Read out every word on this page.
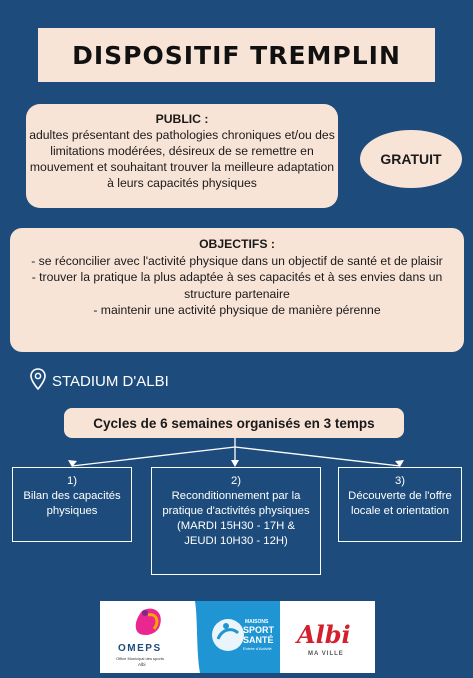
DISPOSITIF TREMPLIN
PUBLIC :
adultes présentant des pathologies chroniques et/ou des limitations modérées, désireux de se remettre en mouvement et souhaitant trouver la meilleure adaptation à leurs capacités physiques
GRATUIT
OBJECTIFS :
- se réconcilier avec l'activité physique dans un objectif de santé et de plaisir
- trouver la pratique la plus adaptée à ses capacités et à ses envies dans un structure partenaire
- maintenir une activité physique de manière pérenne
STADIUM D'ALBI
Cycles de 6 semaines organisés en 3 temps
1)
Bilan des capacités physiques
2)
Reconditionnement par la pratique d'activités physiques
(MARDI 15H30 - 17H &
JEUDI 10H30 - 12H)
3)
Découverte de l'offre locale et orientation
OMEPS
Office Municipal des sports
Albi
MAISONS
SPORT
SANTÉ
Entrée d'Activité Albi
MA VILLE
